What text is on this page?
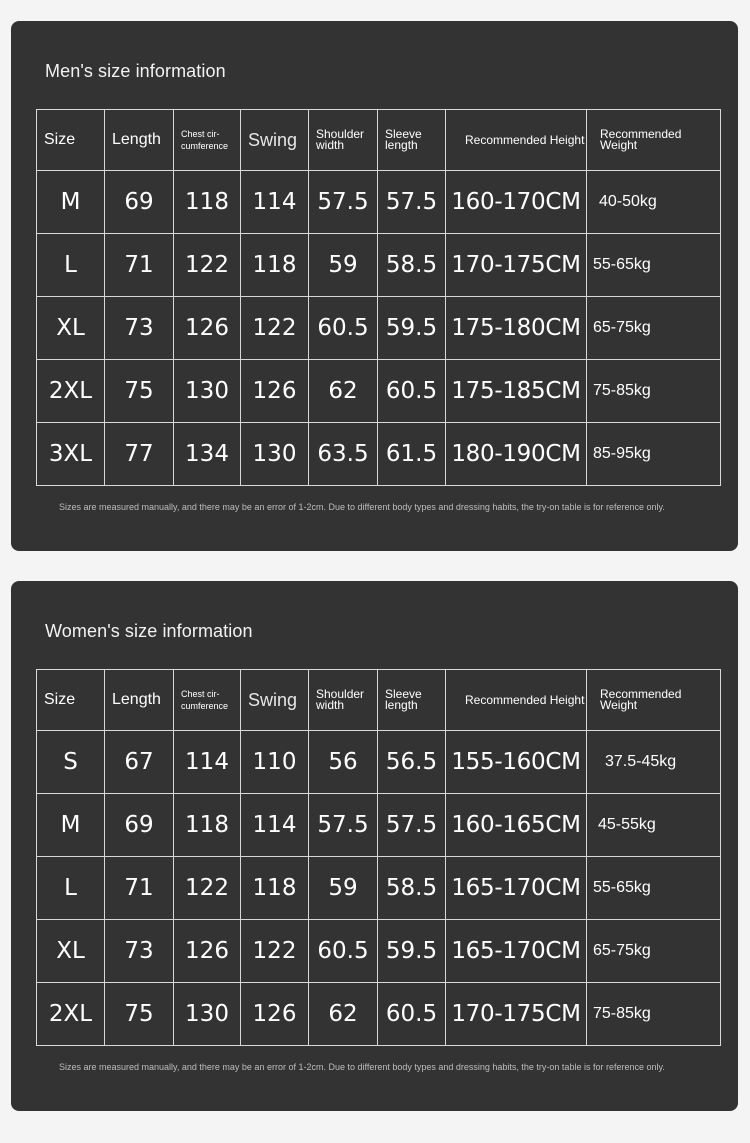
Men's size information
Size	Length	Chest cir-cumference	Swing	Shoulder width	Sleeve length	Recommended Height	Recommended Weight
M	69	118	114	57.5	57.5	160-170CM	40-50kg
L	71	122	118	59	58.5	170-175CM	55-65kg
XL	73	126	122	60.5	59.5	175-180CM	65-75kg
2XL	75	130	126	62	60.5	175-185CM	75-85kg
3XL	77	134	130	63.5	61.5	180-190CM	85-95kg
Sizes are measured manually, and there may be an error of 1-2cm. Due to different body types and dressing habits, the try-on table is for reference only.
Women's size information
Size	Length	Chest cir-cumference	Swing	Shoulder width	Sleeve length	Recommended Height	Recommended Weight
S	67	114	110	56	56.5	155-160CM	37.5-45kg
M	69	118	114	57.5	57.5	160-165CM	45-55kg
L	71	122	118	59	58.5	165-170CM	55-65kg
XL	73	126	122	60.5	59.5	165-170CM	65-75kg
2XL	75	130	126	62	60.5	170-175CM	75-85kg
Sizes are measured manually, and there may be an error of 1-2cm. Due to different body types and dressing habits, the try-on table is for reference only.
